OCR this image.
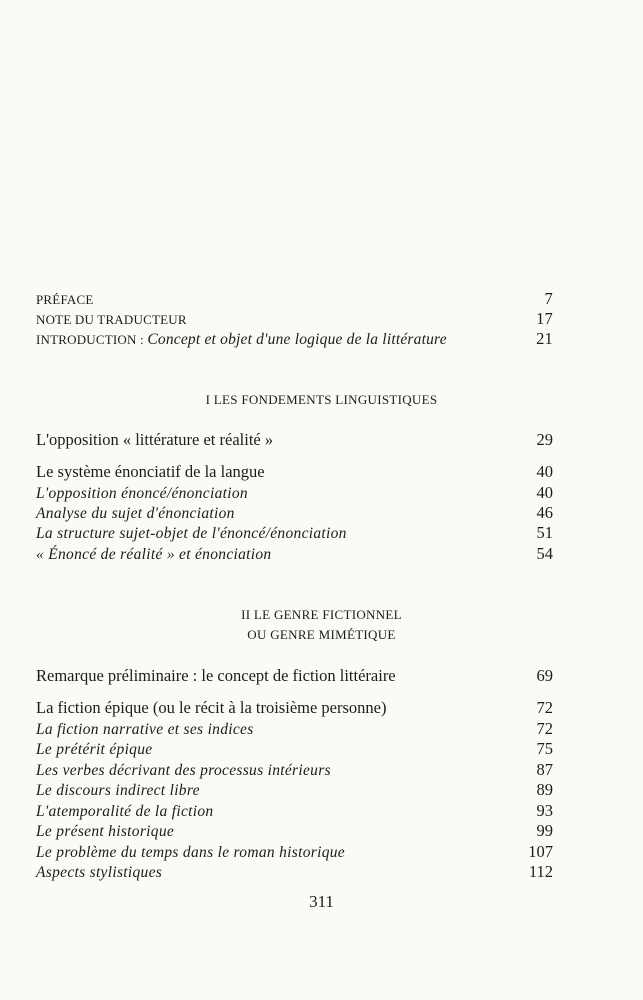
PRÉFACE	7
NOTE DU TRADUCTEUR	17
INTRODUCTION : Concept et objet d'une logique de la littérature	21
I LES FONDEMENTS LINGUISTIQUES
L'opposition « littérature et réalité »	29
Le système énonciatif de la langue	40
L'opposition énoncé/énonciation	40
Analyse du sujet d'énonciation	46
La structure sujet-objet de l'énoncé/énonciation	51
« Énoncé de réalité » et énonciation	54
II LE GENRE FICTIONNEL
OU GENRE MIMÉTIQUE
Remarque préliminaire : le concept de fiction littéraire	69
La fiction épique (ou le récit à la troisième personne)	72
La fiction narrative et ses indices	72
Le prétérit épique	75
Les verbes décrivant des processus intérieurs	87
Le discours indirect libre	89
L'atemporalité de la fiction	93
Le présent historique	99
Le problème du temps dans le roman historique	107
Aspects stylistiques	112
311
